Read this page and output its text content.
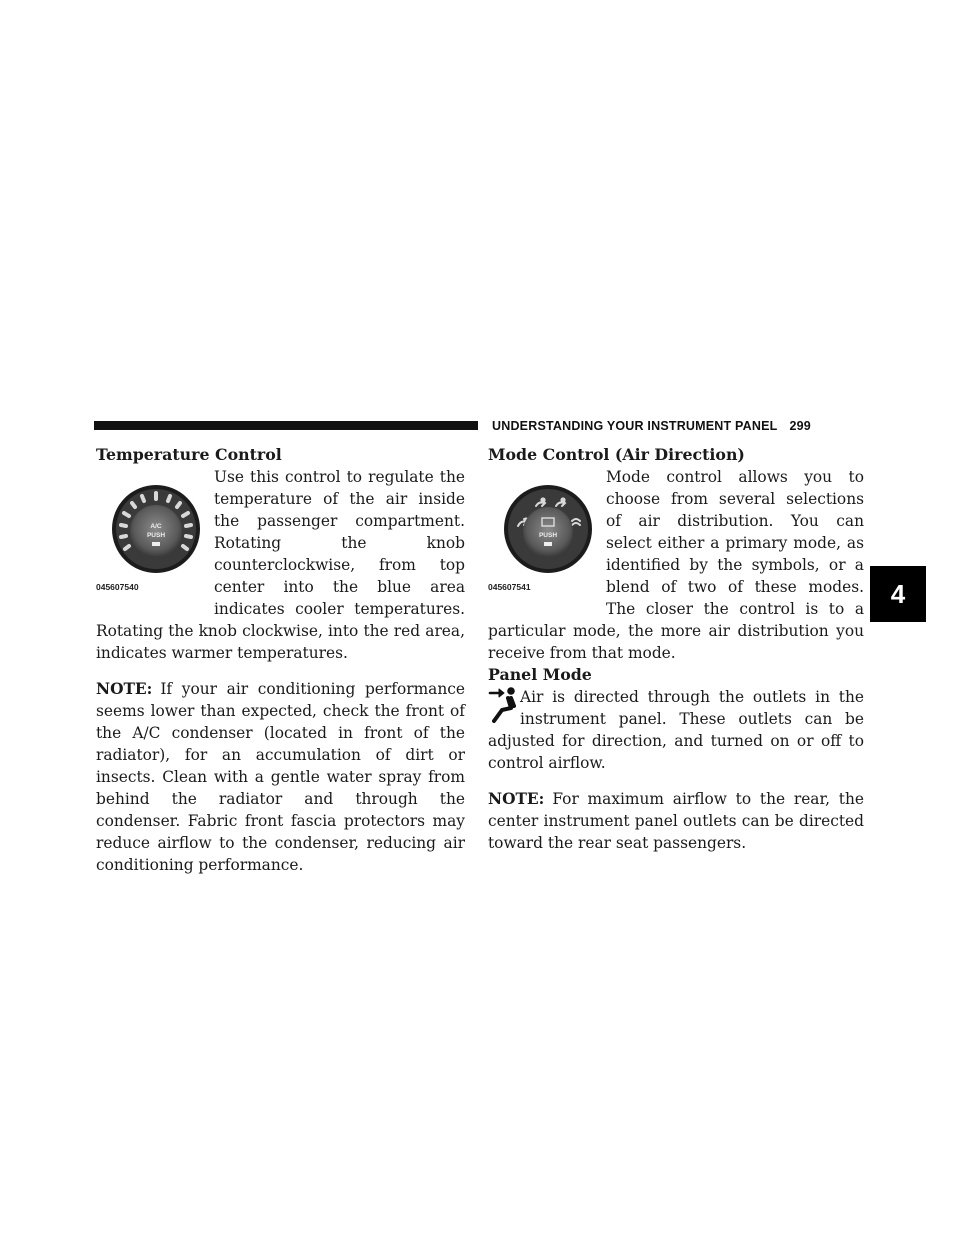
UNDERSTANDING YOUR INSTRUMENT PANEL 299
4
Temperature Control
A/C
PUSH
045607540

Use this control to regulate the temperature of the air inside the passenger compartment. Rotating the knob counterclockwise, from top center into the blue area indicates cooler temperatures. Rotating the knob clockwise, into the red area, indicates warmer temperatures.

NOTE: If your air conditioning performance seems lower than expected, check the front of the A/C condenser (located in front of the radiator), for an accumulation of dirt or insects. Clean with a gentle water spray from behind the radiator and through the condenser. Fabric front fascia protectors may reduce airflow to the condenser, reducing air conditioning performance.

Mode Control (Air Direction)
PUSH
045607541

Mode control allows you to choose from several selections of air distribution. You can select either a primary mode, as identified by the symbols, or a blend of two of these modes. The closer the control is to a particular mode, the more air distribution you receive from that mode.

Panel Mode

Air is directed through the outlets in the instrument panel. These outlets can be adjusted for direction, and turned on or off to control airflow.

NOTE: For maximum airflow to the rear, the center instrument panel outlets can be directed toward the rear seat passengers.
